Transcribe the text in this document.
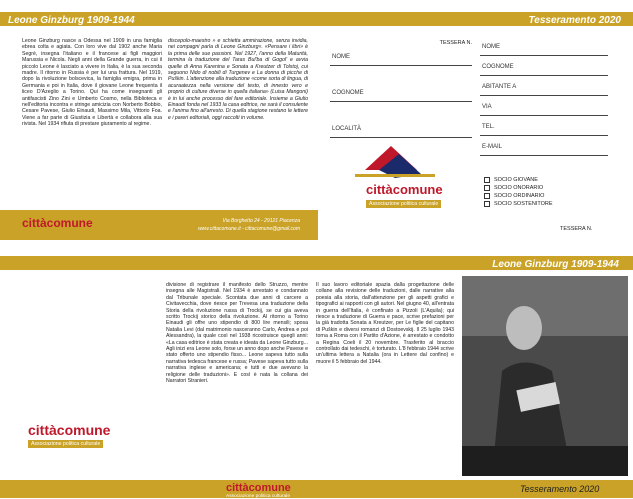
Leone Ginzburg 1909-1944	Tesseramento 2020
Leone Ginzburg nasce a Odessa nel 1909 in una famiglia ebrea colta e agiata. Con loro vive dal 1902 anche Maria Segrè, insegna l'italiano e il francese ai figli maggiori Marussia e Nicola. Negli anni della Grande guerra, in cui il piccolo Leone è lasciato a vivere in Italia, è la sua seconda madre. Il ritorno in Russia è per lui una frattura. Nel 1919, dopo la rivoluzione bolscevica, la famiglia emigra, prima in Germania e poi in Italia, dove il giovane Leone frequenta il liceo D'Azeglio a Torino. Qui ha come insegnanti gli antifascisti Zino Zini e Umberto Cosmo, nella Biblioteca e nell'editoria incontra e stringe amicizia con Norberto Bobbio, Cesare Pavese, Giulio Einaudi, Massimo Mila, Vittorio Foa. Viene a far parte di Giustizia e Libertà e collabora alla sua rivista. Nel 1934 rifiuta di prestare giuramento al regime.
discepolo-maestro » e schietta ammirazione, senza invidia, nei compagni parla di Leone Ginzburg«. «Pensare i libri» è la prima delle sue passioni. Nel 1927, l'anno della Maturità, termina la traduzione del Taras Bul'ba di Gogol' e avvia quelle di Anna Karenina e Sonata a Kreutzer di Tolstoj, cui seguono Nido di nobili di Turgenev e La donna di picche di Puškin. L'attenzione alla traduzione «come sorta di lingua, di acuraatezza nella versione del testo, di innesto vero e proprio di culture diverse in quella italiana» (Luisa Mangoni) è in lui anche processo del fare editoriale. Insieme a Giulio Einaudi fonda nel 1933 la casa editrice, ne sarà il consulente e l'anima fino all'arresto. Di quella stagione restano le lettere e i pareri editoriali, oggi raccolti in volume.
cittàcomune	Via Borghetto 24 - 29121 Piacenza
www.cittacomune.it - cittacomune@gmail.com
TESSERA N.
NOME
COGNOME
LOCALITÀ
cittàcomune
Associazione politica culturale
NOME
COGNOME
ABITANTE A
VIA
TEL.
E-MAIL
SOCIO GIOVANE
SOCIO ONORARIO
SOCIO ORDINARIO
SOCIO SOSTENITORE
TESSERA N.
Leone Ginzburg 1909-1944
cittàcomune
Associazione politica culturale
divisione di registrare il manifesto dello Struzzo, mentre insegna alle Magistrali. Nel 1934 è arrestato e condannato dal Tribunale speciale. Scontata due anni di carcere a Civitavecchia, dove riesce per Trevesa una traduzione della Storia della rivoluzione russa di Trockij, se cui gia aveva scritto Trockij storico della rivoluzione. Al ritorno a Torino Einaudi gli offre uno stipendio di 800 lire mensili; sposa Natalia Levi (dal matrimonio nasceranno Carlo, Andrea e poi Alessandra), la quale così nel 1938 ricostruisce quegli anni: «La casa editrice è stata creata e ideata da Leone Ginzburg... Agli inizi era Leone solo, forse un anno dopo anche Pavese e stato offerto uno stipendio fisso... Leone sapeva tutto sulla narrativa tedesca francese e russa; Pavese sapeva tutto sulla narrativa inglese e americana; e tutti e due avevano la religione delle traduzioni». E così è nata la collana dei Narratori Stranieri.
Il suo lavoro editoriale spazia dalla progettazione delle collane alla revisione delle traduzioni, dalle narrative alla poesia alla storia, dall'attenzione per gli aspetti grafici e tipografici ai rapporti con gli autori. Nel giugno 40, all'entrata in guerra dell'Italia, è confinato a Pizzoli (L'Aquila); qui riesce a traduzione di Guerra e pace, scrive prefazioni per la già tradotta Sonata a Kreutzer, per Le figlie del capitano di Puškin e diversi romanzi di Dostoevskij. Il 25 luglio 1943 torna a Roma con il Partito d'Azione, è arrestato e condotto a Regina Coeli il 20 novembre. Trasferito al braccio controllato dai tedeschi, è torturato. L'8 febbraio 1944 scrive un'ultima lettera a Natalia (ora in Lettere dal confino) e muore il 5 febbraio del 1944.
cittàcomune
Associazione politica culturale
Tesseramento 2020
